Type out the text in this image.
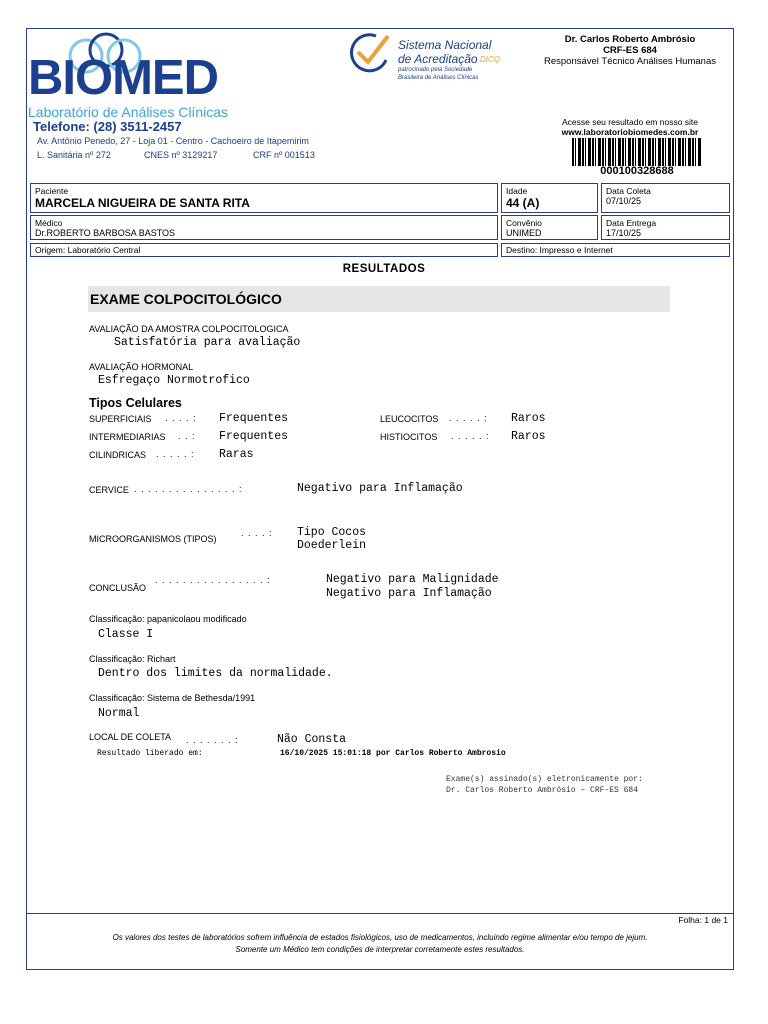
BIOMED
Laboratório de Análises Clínicas
Telefone: (28) 3511-2457
Av. Antônio Penedo, 27 - Loja 01 - Centro - Cachoeiro de Itapemirim
L. Sanitária nº 272	CNES nº 3129217	CRF nº 001513
Sistema Nacional
de Acreditação DICQ
patrocinado pela Sociedade
Brasileira de Análises Clínicas
Dr. Carlos Roberto Ambrósio
CRF-ES 684
Responsável Técnico Análises Humanas
Acesse seu resultado em nosso site
www.laboratoriobiomedes.com.br
000100328688
Paciente
MARCELA NIGUEIRA DE SANTA RITA
Idade
44 (A)
Data Coleta
07/10/25
Médico
Dr.ROBERTO BARBOSA BASTOS
Convênio
UNIMED
Data Entrega
17/10/25
Origem: Laboratório Central	Destino: Impresso e Internet
RESULTADOS
EXAME COLPOCITOLÓGICO
AVALIAÇÃO DA AMOSTRA COLPOCITOLOGICA
Satisfatória para avaliação
AVALIAÇÃO HORMONAL
Esfregaço Normotrofico
Tipos Celulares
SUPERFICIAIS . . . . : Frequentes
INTERMEDIARIAS . . : Frequentes
CILINDRICAS . . . . . : Raras
LEUCOCITOS . . . . . : Raros
HISTIOCITOS . . . . . : Raros
CERVICE . . . . . . . . . . . . . . . :	Negativo para Inflamação
MICROORGANISMOS (TIPOS)
. . . . : Tipo Cocos
Doederlein
CONCLUSÃO
. . . . . . . . . . . . . . . . :	Negativo para Malignidade
Negativo para Inflamação
Classificação: papanicolaou modificado
Classe I
Classificação: Richart
Dentro dos limites da normalidade.
Classificação: Sistema de Bethesda/1991
Normal
LOCAL DE COLETA . . . . . . . :	Não Consta
Resultado liberado em:	16/10/2025 15:01:18 por Carlos Roberto Ambrosio
Exame(s) assinado(s) eletronicamente por:
Dr. Carlos Roberto Ambrósio – CRF-ES 684
Folha: 1 de 1
Os valores dos testes de laboratórios sofrem influência de estados fisiológicos, uso de medicamentos, incluindo regime alimentar e/ou tempo de jejum.
Somente um Médico tem condições de interpretar corretamente estes resultados.
